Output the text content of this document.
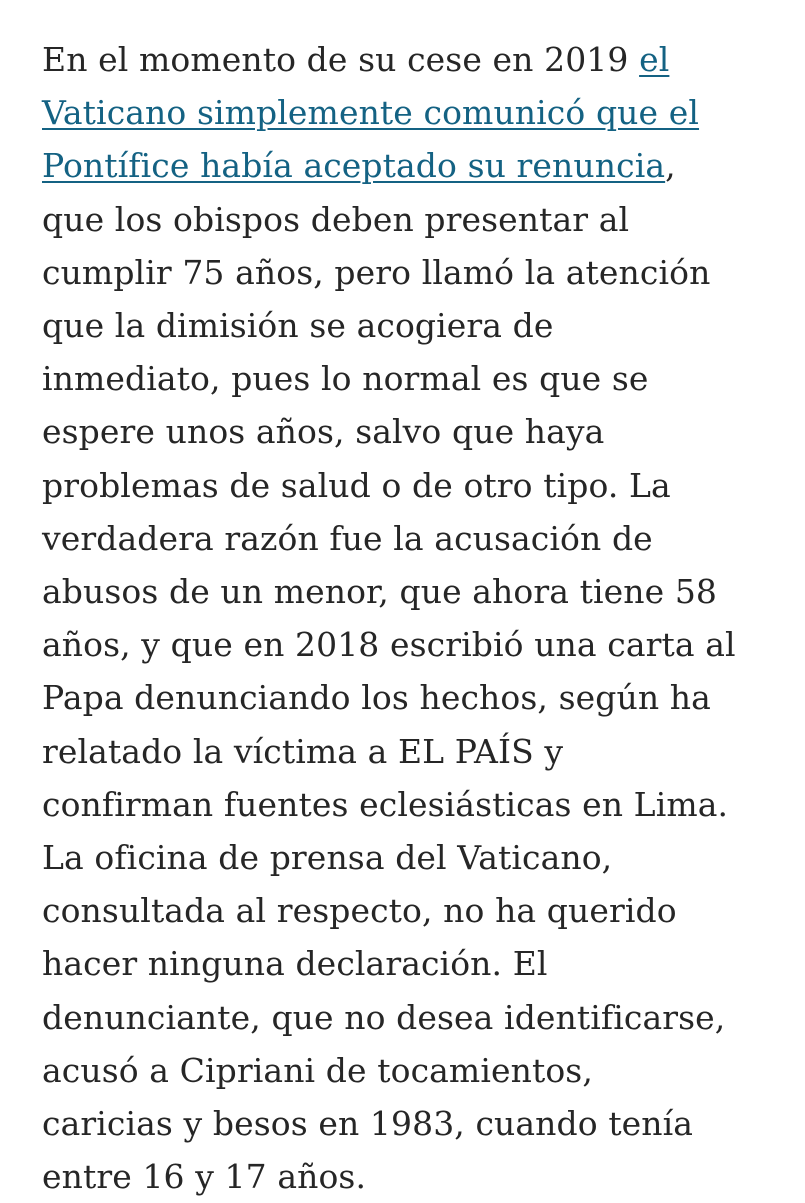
En el momento de su cese en 2019 el
Vaticano simplemente comunicó que el
Pontífice había aceptado su renuncia,
que los obispos deben presentar al
cumplir 75 años, pero llamó la atención
que la dimisión se acogiera de
inmediato, pues lo normal es que se
espere unos años, salvo que haya
problemas de salud o de otro tipo. La
verdadera razón fue la acusación de
abusos de un menor, que ahora tiene 58
años, y que en 2018 escribió una carta al
Papa denunciando los hechos, según ha
relatado la víctima a EL PAÍS y
confirman fuentes eclesiásticas en Lima.
La oficina de prensa del Vaticano,
consultada al respecto, no ha querido
hacer ninguna declaración. El
denunciante, que no desea identificarse,
acusó a Cipriani de tocamientos,
caricias y besos en 1983, cuando tenía
entre 16 y 17 años.
